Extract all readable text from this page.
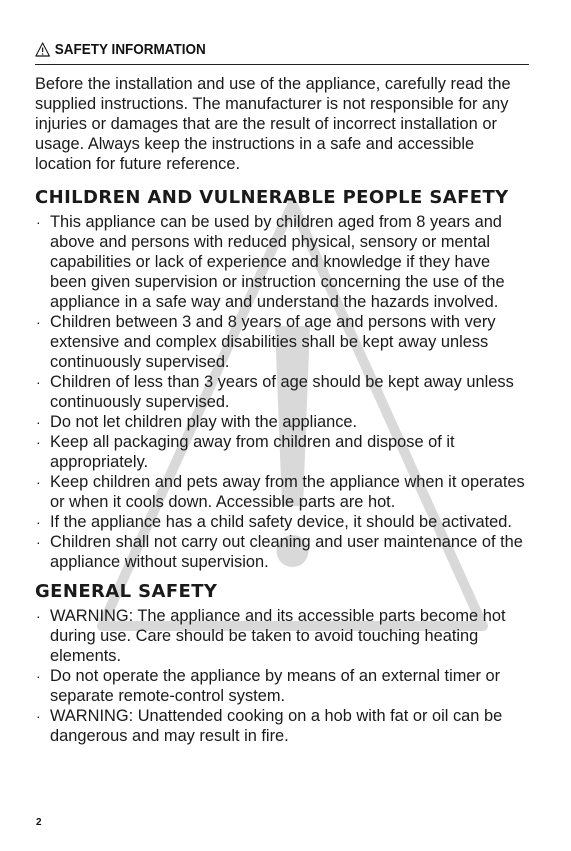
SAFETY INFORMATION

Before the installation and use of the appliance, carefully read the supplied instructions. The manufacturer is not responsible for any injuries or damages that are the result of incorrect installation or usage. Always keep the instructions in a safe and accessible location for future reference.

CHILDREN AND VULNERABLE PEOPLE SAFETY
· This appliance can be used by children aged from 8 years and above and persons with reduced physical, sensory or mental capabilities or lack of experience and knowledge if they have been given supervision or instruction concerning the use of the appliance in a safe way and understand the hazards involved.
· Children between 3 and 8 years of age and persons with very extensive and complex disabilities shall be kept away unless continuously supervised.
· Children of less than 3 years of age should be kept away unless continuously supervised.
· Do not let children play with the appliance.
· Keep all packaging away from children and dispose of it appropriately.
· Keep children and pets away from the appliance when it operates or when it cools down. Accessible parts are hot.
· If the appliance has a child safety device, it should be activated.
· Children shall not carry out cleaning and user maintenance of the appliance without supervision.
GENERAL SAFETY
· WARNING: The appliance and its accessible parts become hot during use. Care should be taken to avoid touching heating elements.
· Do not operate the appliance by means of an external timer or separate remote-control system.
· WARNING: Unattended cooking on a hob with fat or oil can be dangerous and may result in fire.
2
